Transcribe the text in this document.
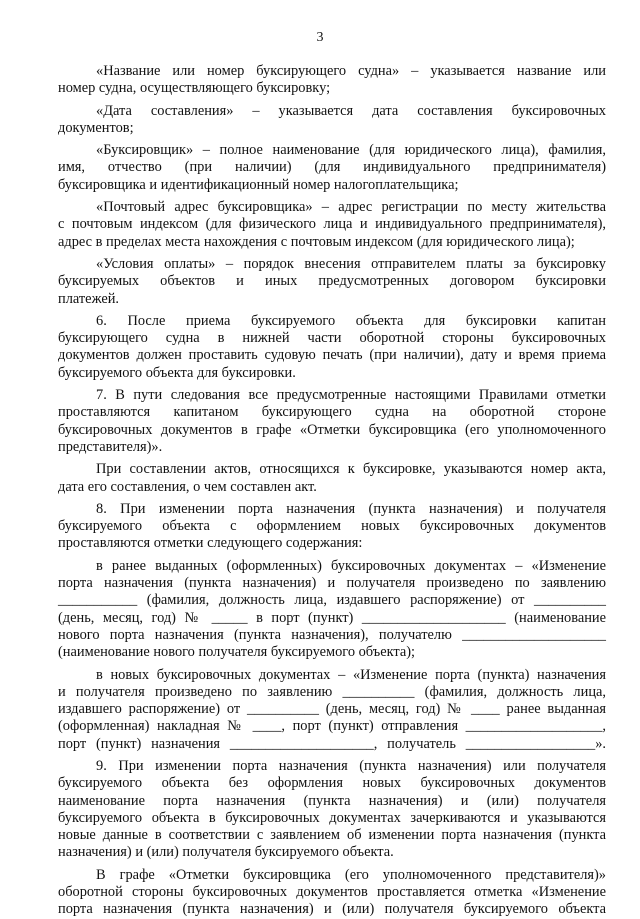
3

«Название или номер буксирующего судна» – указывается название или

номер судна, осуществляющего буксировку;

«Дата составления» – указывается дата составления буксировочных

документов;

«Буксировщик» – полное наименование (для юридического лица), фамилия,

имя, отчество (при наличии) (для индивидуального предпринимателя)

буксировщика и идентификационный номер налогоплательщика;

«Почтовый адрес буксировщика» – адрес регистрации по месту жительства

с почтовым индексом (для физического лица и индивидуального предпринимателя),

адрес в пределах места нахождения с почтовым индексом (для юридического лица);

«Условия оплаты» – порядок внесения отправителем платы за буксировку

буксируемых объектов и иных предусмотренных договором буксировки

платежей.

6. После приема буксируемого объекта для буксировки капитан

буксирующего судна в нижней части оборотной стороны буксировочных

документов должен проставить судовую печать (при наличии), дату и время приема

буксируемого объекта для буксировки.

7. В пути следования все предусмотренные настоящими Правилами отметки

проставляются капитаном буксирующего судна на оборотной стороне

буксировочных документов в графе «Отметки буксировщика (его уполномоченного

представителя)».

При составлении актов, относящихся к буксировке, указываются номер акта,

дата его составления, о чем составлен акт.

8. При изменении порта назначения (пункта назначения) и получателя

буксируемого объекта с оформлением новых буксировочных документов

проставляются отметки следующего содержания:

в ранее выданных (оформленных) буксировочных документах – «Изменение

порта назначения (пункта назначения) и получателя произведено по заявлению

___________ (фамилия, должность лица, издавшего распоряжение) от __________

(день, месяц, год) № _____ в порт (пункт) ____________________ (наименование

нового порта назначения (пункта назначения), получателю ____________________

(наименование нового получателя буксируемого объекта);

в новых буксировочных документах – «Изменение порта (пункта) назначения

и получателя произведено по заявлению __________ (фамилия, должность лица,

издавшего распоряжение) от __________ (день, месяц, год) № ____ ранее выданная

(оформленная) накладная № ____, порт (пункт) отправления ___________________,

порт (пункт) назначения ____________________, получатель __________________».

9. При изменении порта назначения (пункта назначения) или получателя

буксируемого объекта без оформления новых буксировочных документов

наименование порта назначения (пункта назначения) и (или) получателя

буксируемого объекта в буксировочных документах зачеркиваются и указываются

новые данные в соответствии с заявлением об изменении порта назначения (пункта

назначения) и (или) получателя буксируемого объекта.

В графе «Отметки буксировщика (его уполномоченного представителя)»

оборотной стороны буксировочных документов проставляется отметка «Изменение

порта назначения (пункта назначения) и (или) получателя буксируемого объекта
